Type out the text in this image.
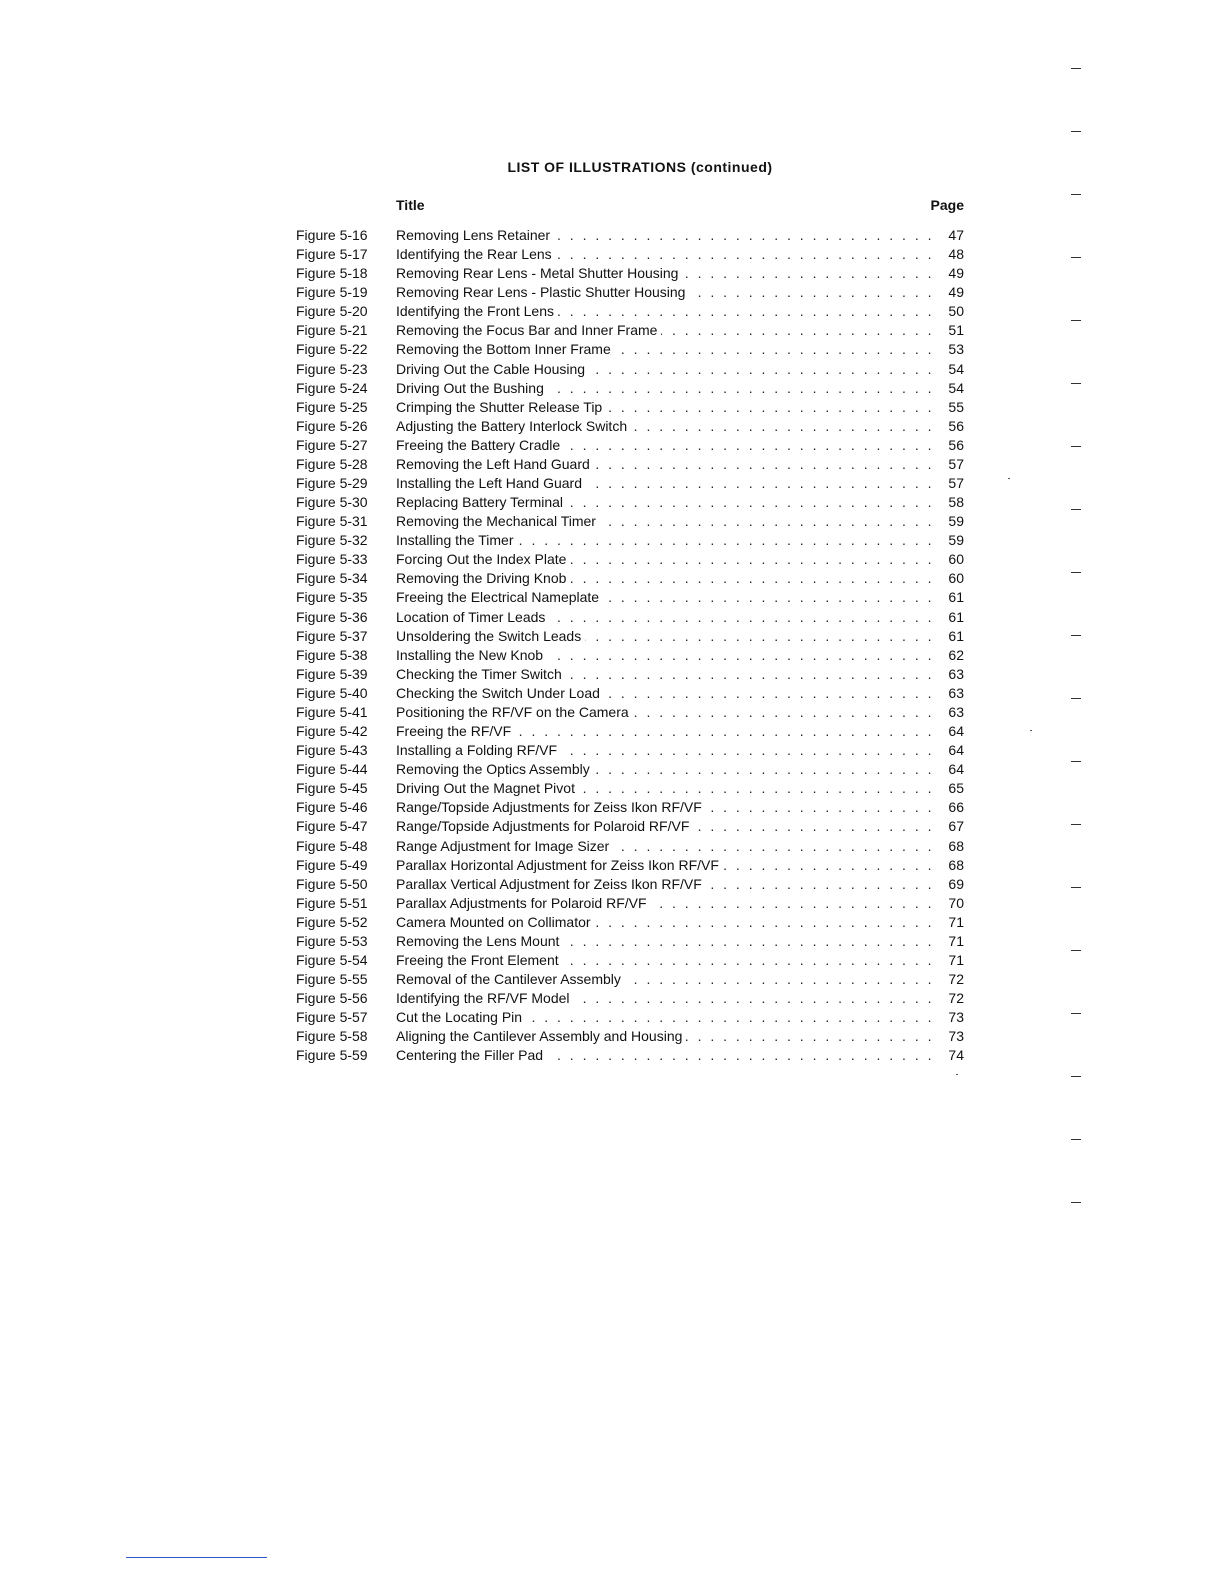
LIST OF ILLUSTRATIONS (continued)
Title	Page
Figure 5-16	Removing Lens Retainer . . .	47
Figure 5-17	Identifying the Rear Lens . . .	48
Figure 5-18	Removing Rear Lens - Metal Shutter Housing . . .	49
Figure 5-19	Removing Rear Lens - Plastic Shutter Housing . . .	49
Figure 5-20	Identifying the Front Lens . . .	50
Figure 5-21	Removing the Focus Bar and Inner Frame . . .	51
Figure 5-22	Removing the Bottom Inner Frame . . .	53
Figure 5-23	Driving Out the Cable Housing . . .	54
Figure 5-24	Driving Out the Bushing . . .	54
Figure 5-25	Crimping the Shutter Release Tip . . .	55
Figure 5-26	Adjusting the Battery Interlock Switch . . .	56
Figure 5-27	Freeing the Battery Cradle . . .	56
Figure 5-28	Removing the Left Hand Guard . . .	57
Figure 5-29	Installing the Left Hand Guard . . .	57
Figure 5-30	Replacing Battery Terminal . . .	58
Figure 5-31	Removing the Mechanical Timer . . .	59
Figure 5-32	Installing the Timer . . .	59
Figure 5-33	Forcing Out the Index Plate . . .	60
Figure 5-34	Removing the Driving Knob . . .	60
Figure 5-35	Freeing the Electrical Nameplate . . .	61
Figure 5-36	Location of Timer Leads . . .	61
Figure 5-37	Unsoldering the Switch Leads . . .	61
Figure 5-38	Installing the New Knob . . .	62
Figure 5-39	Checking the Timer Switch . . .	63
Figure 5-40	Checking the Switch Under Load . . .	63
Figure 5-41	Positioning the RF/VF on the Camera . . .	63
Figure 5-42	Freeing the RF/VF . . .	64
Figure 5-43	Installing a Folding RF/VF . . .	64
Figure 5-44	Removing the Optics Assembly . . .	64
Figure 5-45	Driving Out the Magnet Pivot . . .	65
Figure 5-46	Range/Topside Adjustments for Zeiss Ikon RF/VF . . .	66
Figure 5-47	Range/Topside Adjustments for Polaroid RF/VF . . .	67
Figure 5-48	Range Adjustment for Image Sizer . . .	68
Figure 5-49	Parallax Horizontal Adjustment for Zeiss Ikon RF/VF . . .	68
Figure 5-50	Parallax Vertical Adjustment for Zeiss Ikon RF/VF . . .	69
Figure 5-51	Parallax Adjustments for Polaroid RF/VF . . .	70
Figure 5-52	Camera Mounted on Collimator . . .	71
Figure 5-53	Removing the Lens Mount . . .	71
Figure 5-54	Freeing the Front Element . . .	71
Figure 5-55	Removal of the Cantilever Assembly . . .	72
Figure 5-56	Identifying the RF/VF Model . . .	72
Figure 5-57	Cut the Locating Pin . . .	73
Figure 5-58	Aligning the Cantilever Assembly and Housing . . .	73
Figure 5-59	Centering the Filler Pad . . .	74
